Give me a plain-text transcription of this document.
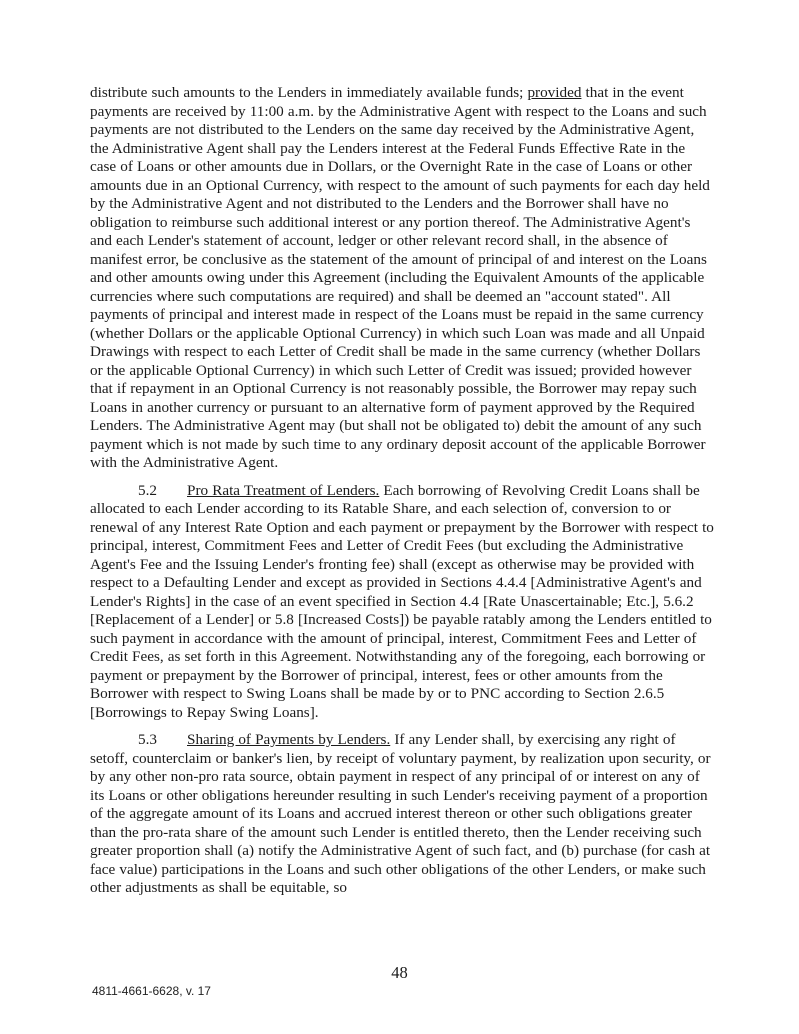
distribute such amounts to the Lenders in immediately available funds; provided that in the event payments are received by 11:00 a.m. by the Administrative Agent with respect to the Loans and such payments are not distributed to the Lenders on the same day received by the Administrative Agent, the Administrative Agent shall pay the Lenders interest at the Federal Funds Effective Rate in the case of Loans or other amounts due in Dollars, or the Overnight Rate in the case of Loans or other amounts due in an Optional Currency, with respect to the amount of such payments for each day held by the Administrative Agent and not distributed to the Lenders and the Borrower shall have no obligation to reimburse such additional interest or any portion thereof. The Administrative Agent's and each Lender's statement of account, ledger or other relevant record shall, in the absence of manifest error, be conclusive as the statement of the amount of principal of and interest on the Loans and other amounts owing under this Agreement (including the Equivalent Amounts of the applicable currencies where such computations are required) and shall be deemed an "account stated". All payments of principal and interest made in respect of the Loans must be repaid in the same currency (whether Dollars or the applicable Optional Currency) in which such Loan was made and all Unpaid Drawings with respect to each Letter of Credit shall be made in the same currency (whether Dollars or the applicable Optional Currency) in which such Letter of Credit was issued; provided however that if repayment in an Optional Currency is not reasonably possible, the Borrower may repay such Loans in another currency or pursuant to an alternative form of payment approved by the Required Lenders. The Administrative Agent may (but shall not be obligated to) debit the amount of any such payment which is not made by such time to any ordinary deposit account of the applicable Borrower with the Administrative Agent.

5.2 Pro Rata Treatment of Lenders. Each borrowing of Revolving Credit Loans shall be allocated to each Lender according to its Ratable Share, and each selection of, conversion to or renewal of any Interest Rate Option and each payment or prepayment by the Borrower with respect to principal, interest, Commitment Fees and Letter of Credit Fees (but excluding the Administrative Agent's Fee and the Issuing Lender's fronting fee) shall (except as otherwise may be provided with respect to a Defaulting Lender and except as provided in Sections 4.4.4 [Administrative Agent's and Lender's Rights] in the case of an event specified in Section 4.4 [Rate Unascertainable; Etc.], 5.6.2 [Replacement of a Lender] or 5.8 [Increased Costs]) be payable ratably among the Lenders entitled to such payment in accordance with the amount of principal, interest, Commitment Fees and Letter of Credit Fees, as set forth in this Agreement. Notwithstanding any of the foregoing, each borrowing or payment or prepayment by the Borrower of principal, interest, fees or other amounts from the Borrower with respect to Swing Loans shall be made by or to PNC according to Section 2.6.5 [Borrowings to Repay Swing Loans].

5.3 Sharing of Payments by Lenders. If any Lender shall, by exercising any right of setoff, counterclaim or banker's lien, by receipt of voluntary payment, by realization upon security, or by any other non-pro rata source, obtain payment in respect of any principal of or interest on any of its Loans or other obligations hereunder resulting in such Lender's receiving payment of a proportion of the aggregate amount of its Loans and accrued interest thereon or other such obligations greater than the pro-rata share of the amount such Lender is entitled thereto, then the Lender receiving such greater proportion shall (a) notify the Administrative Agent of such fact, and (b) purchase (for cash at face value) participations in the Loans and such other obligations of the other Lenders, or make such other adjustments as shall be equitable, so

48
4811-4661-6628, v. 17
